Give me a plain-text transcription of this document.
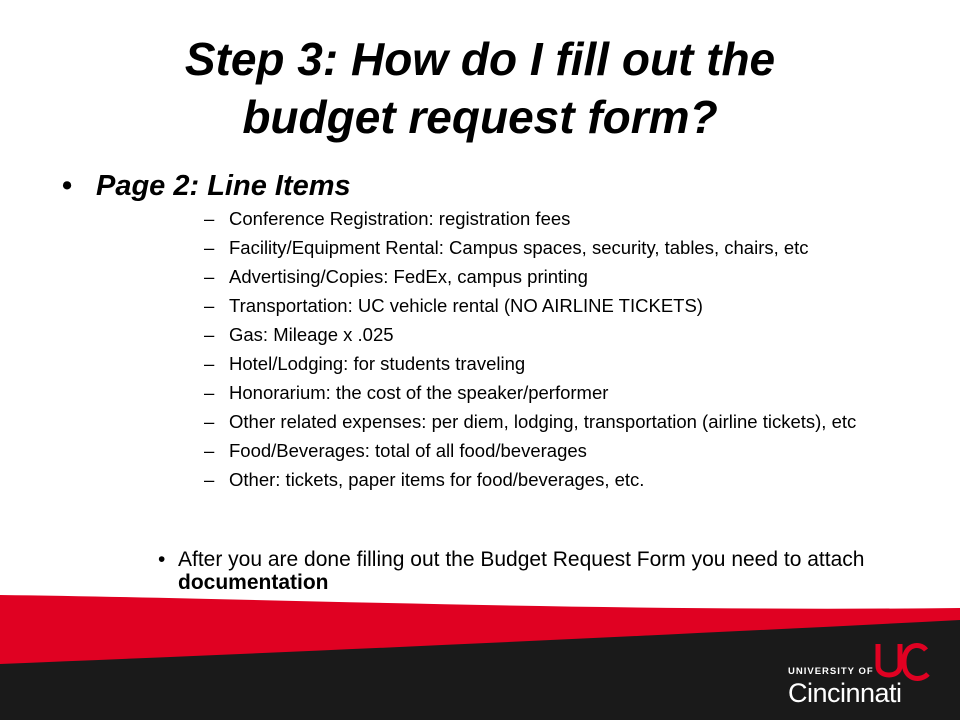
Step 3: How do I fill out the
budget request form?
• Page 2: Line Items
– Conference Registration: registration fees
– Facility/Equipment Rental: Campus spaces, security, tables, chairs, etc
– Advertising/Copies: FedEx, campus printing
– Transportation: UC vehicle rental (NO AIRLINE TICKETS)
– Gas: Mileage x .025
– Hotel/Lodging: for students traveling
– Honorarium: the cost of the speaker/performer
– Other related expenses: per diem, lodging, transportation (airline tickets), etc
– Food/Beverages: total of all food/beverages
– Other: tickets, paper items for food/beverages, etc.
• After you are done filling out the Budget Request Form you need to attach documentation
UNIVERSITY OF
Cincinnati
